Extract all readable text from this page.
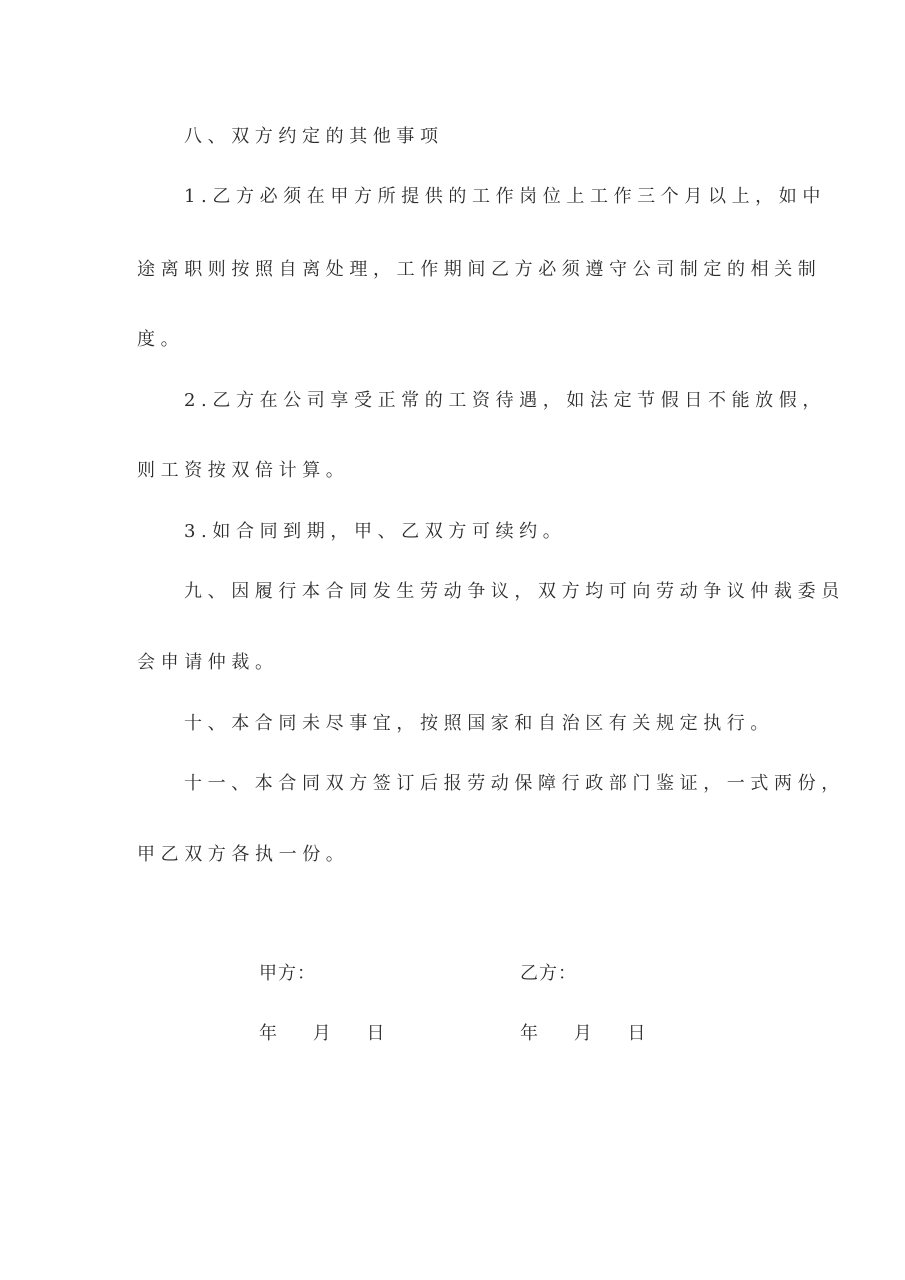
八、双方约定的其他事项
1.乙方必须在甲方所提供的工作岗位上工作三个月以上，如中
途离职则按照自离处理，工作期间乙方必须遵守公司制定的相关制
度。
2.乙方在公司享受正常的工资待遇，如法定节假日不能放假，
则工资按双倍计算。
3.如合同到期，甲、乙双方可续约。
九、因履行本合同发生劳动争议，双方均可向劳动争议仲裁委员
会申请仲裁。
十、本合同未尽事宜，按照国家和自治区有关规定执行。
十一、本合同双方签订后报劳动保障行政部门鉴证，一式两份，
甲乙双方各执一份。
甲方：	乙方：
年 月 日	年 月 日
